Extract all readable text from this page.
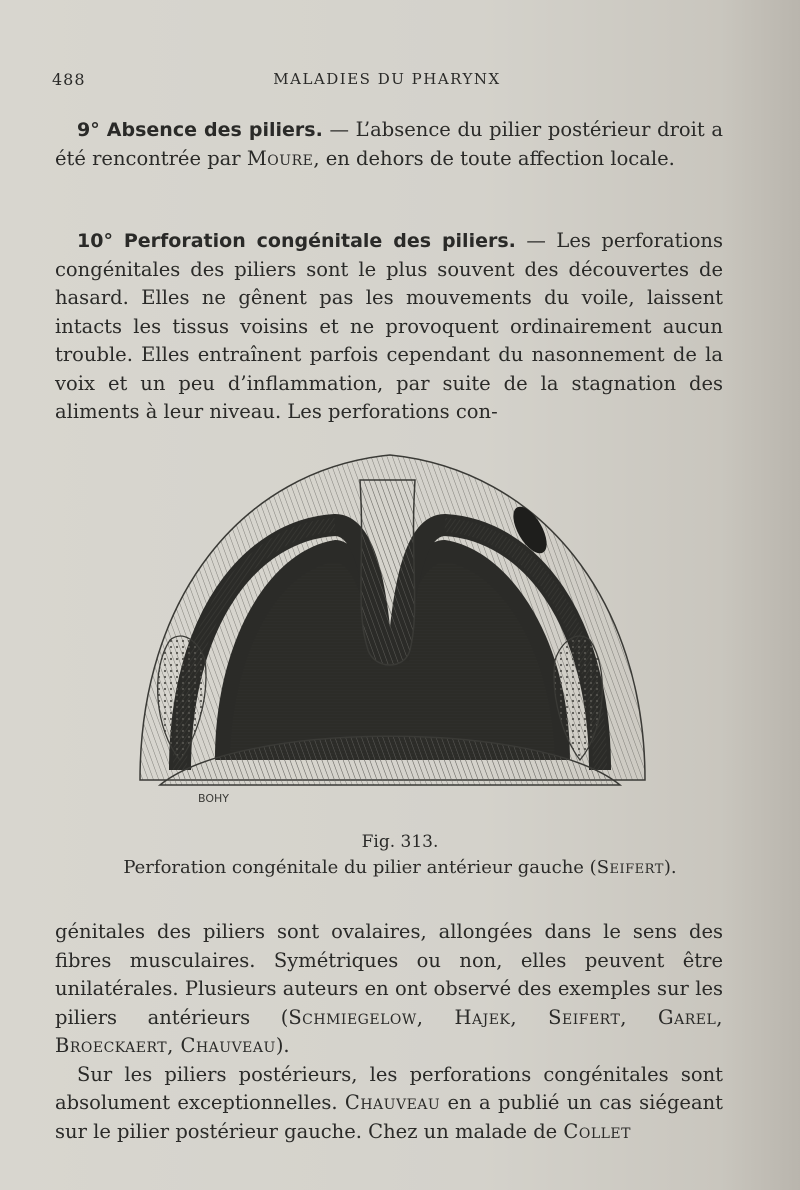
488	MALADIES DU PHARYNX
9° Absence des piliers. — L’absence du pilier postérieur droit a été rencontrée par Moure, en dehors de toute affection locale.
10° Perforation congénitale des piliers. — Les perforations congénitales des piliers sont le plus souvent des découvertes de hasard. Elles ne gênent pas les mouvements du voile, laissent intacts les tissus voisins et ne provoquent ordinairement aucun trouble. Elles entraînent parfois cependant du nasonnement de la voix et un peu d’inflammation, par suite de la stagnation des aliments à leur niveau. Les perforations con-
BOHY
Fig. 313.
Perforation congénitale du pilier antérieur gauche (Seifert).
génitales des piliers sont ovalaires, allongées dans le sens des fibres musculaires. Symétriques ou non, elles peuvent être unilatérales. Plusieurs auteurs en ont observé des exemples sur les piliers antérieurs (Schmiegelow, Hajek, Seifert, Garel, Broeckaert, Chauveau).
Sur les piliers postérieurs, les perforations congénitales sont absolument exceptionnelles. Chauveau en a publié un cas siégeant sur le pilier postérieur gauche. Chez un malade de Collet
